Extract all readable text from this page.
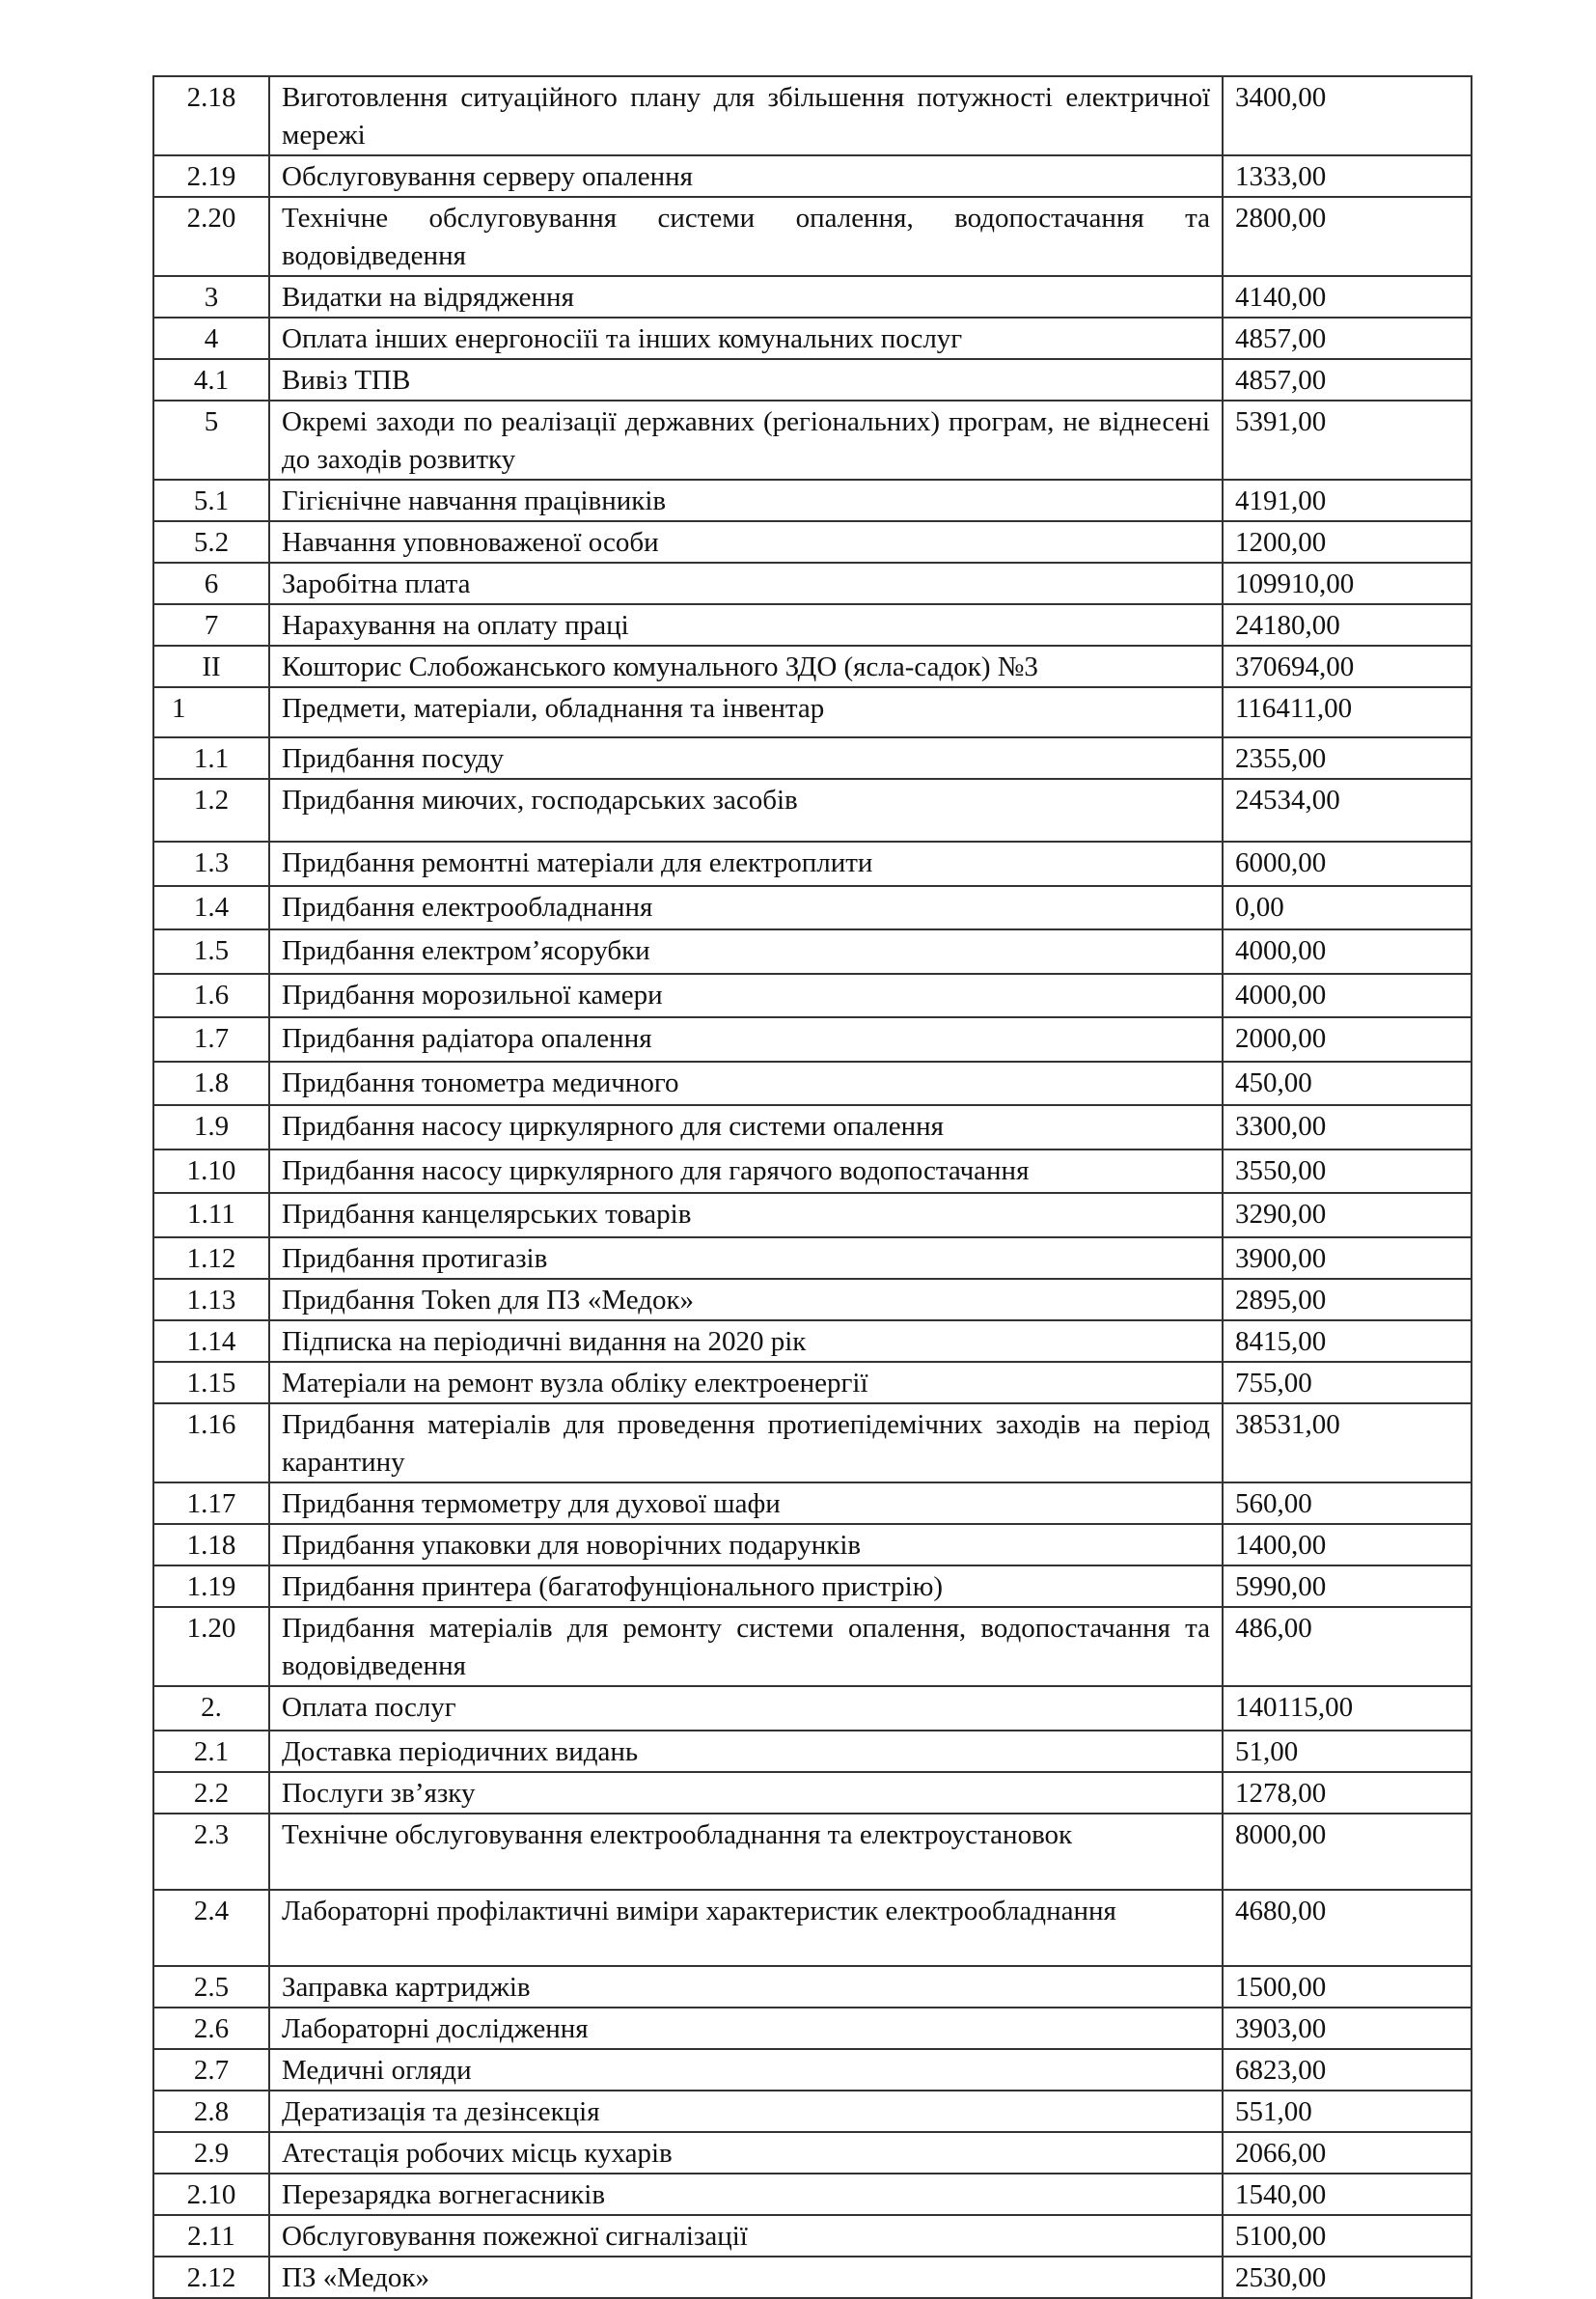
2.18	Виготовлення ситуаційного плану для збільшення потужності електричної мережі	3400,00
2.19	Обслуговування серверу опалення	1333,00
2.20	Технічне обслуговування системи опалення, водопостачання та водовідведення	2800,00
3	Видатки на відрядження	4140,00
4	Оплата інших енергоносіїі та інших комунальних послуг	4857,00
4.1	Вивіз ТПВ	4857,00
5	Окремі заходи по реалізації державних (регіональних) програм, не віднесені до заходів розвитку	5391,00
5.1	Гігієнічне навчання працівників	4191,00
5.2	Навчання уповноваженої особи	1200,00
6	Заробітна плата	109910,00
7	Нарахування на оплату праці	24180,00
II	Кошторис Слобожанського комунального ЗДО (ясла-садок) №3	370694,00
1	Предмети, матеріали, обладнання та інвентар	116411,00
1.1	Придбання посуду	2355,00
1.2	Придбання миючих, господарських засобів	24534,00
1.3	Придбання ремонтні матеріали для електроплити	6000,00
1.4	Придбання електрообладнання	0,00
1.5	Придбання електром’ясорубки	4000,00
1.6	Придбання морозильної камери	4000,00
1.7	Придбання радіатора опалення	2000,00
1.8	Придбання тонометра медичного	450,00
1.9	Придбання насосу циркулярного для системи опалення	3300,00
1.10	Придбання насосу циркулярного для гарячого водопостачання	3550,00
1.11	Придбання канцелярських товарів	3290,00
1.12	Придбання протигазів	3900,00
1.13	Придбання Token для ПЗ «Медок»	2895,00
1.14	Підписка на періодичні видання на 2020 рік	8415,00
1.15	Матеріали на ремонт вузла обліку електроенергії	755,00
1.16	Придбання матеріалів для проведення протиепідемічних заходів на період карантину	38531,00
1.17	Придбання термометру для духової шафи	560,00
1.18	Придбання упаковки для новорічних подарунків	1400,00
1.19	Придбання принтера (багатофунціонального пристрію)	5990,00
1.20	Придбання матеріалів для ремонту системи опалення, водопостачання та водовідведення	486,00
2.	Оплата послуг	140115,00
2.1	Доставка періодичних видань	51,00
2.2	Послуги зв’язку	1278,00
2.3	Технічне обслуговування електрообладнання та електроустановок	8000,00
2.4	Лабораторні профілактичні виміри характеристик електрообладнання	4680,00
2.5	Заправка картриджів	1500,00
2.6	Лабораторні дослідження	3903,00
2.7	Медичні огляди	6823,00
2.8	Дератизація та дезінсекція	551,00
2.9	Атестація робочих місць кухарів	2066,00
2.10	Перезарядка вогнегасників	1540,00
2.11	Обслуговування пожежної сигналізації	5100,00
2.12	ПЗ «Медок»	2530,00
